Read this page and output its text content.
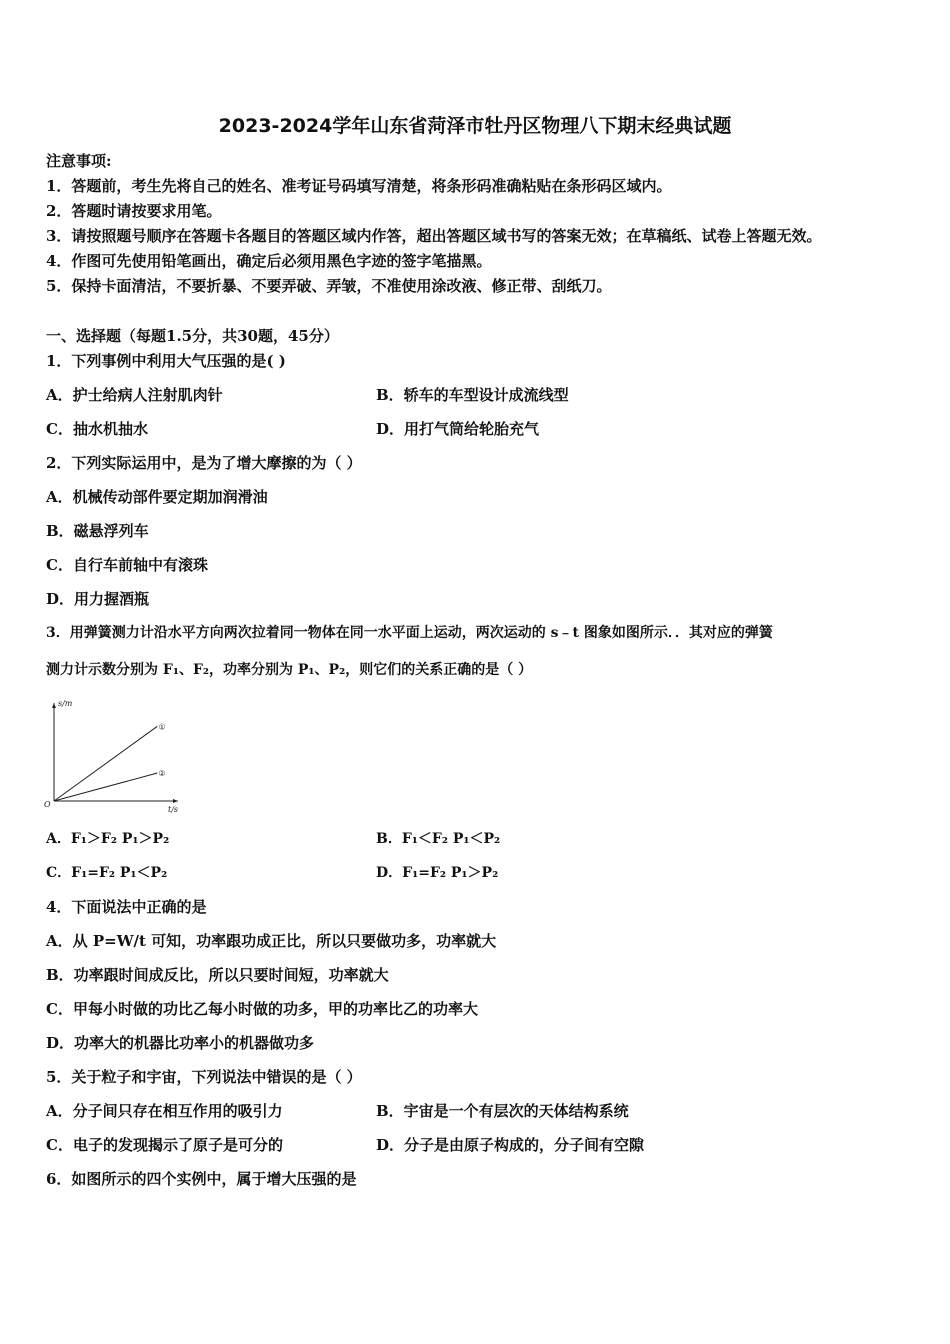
2023-2024学年山东省菏泽市牡丹区物理八下期末经典试题
注意事项:
1．答题前，考生先将自己的姓名、准考证号码填写清楚，将条形码准确粘贴在条形码区域内。
2．答题时请按要求用笔。
3．请按照题号顺序在答题卡各题目的答题区域内作答，超出答题区域书写的答案无效；在草稿纸、试卷上答题无效。
4．作图可先使用铅笔画出，确定后必须用黑色字迹的签字笔描黑。
5．保持卡面清洁，不要折暴、不要弄破、弄皱，不准使用涂改液、修正带、刮纸刀。
一、选择题（每题1.5分，共30题，45分）
1．下列事例中利用大气压强的是( )
A．护士给病人注射肌肉针	B．轿车的车型设计成流线型
C．抽水机抽水	D．用打气筒给轮胎充气
2．下列实际运用中，是为了增大摩擦的为（ ）
A．机械传动部件要定期加润滑油
B．磁悬浮列车
C．自行车前轴中有滚珠
D．用力握酒瓶
3．用弹簧测力计沿水平方向两次拉着同一物体在同一水平面上运动，两次运动的 s﹣t 图象如图所示．．其对应的弹簧
测力计示数分别为 F₁、F₂，功率分别为 P₁、P₂，则它们的关系正确的是（ ）
s/m
t/s
O
①
②
A．F₁＞F₂ P₁＞P₂	B．F₁＜F₂ P₁＜P₂
C．F₁=F₂ P₁＜P₂	D．F₁=F₂ P₁＞P₂
4．下面说法中正确的是
A．从 P=W/t 可知，功率跟功成正比，所以只要做功多，功率就大
B．功率跟时间成反比，所以只要时间短，功率就大
C．甲每小时做的功比乙每小时做的功多，甲的功率比乙的功率大
D．功率大的机器比功率小的机器做功多
5．关于粒子和宇宙，下列说法中错误的是（ ）
A．分子间只存在相互作用的吸引力	B．宇宙是一个有层次的天体结构系统
C．电子的发现揭示了原子是可分的	D．分子是由原子构成的，分子间有空隙
6．如图所示的四个实例中，属于增大压强的是
